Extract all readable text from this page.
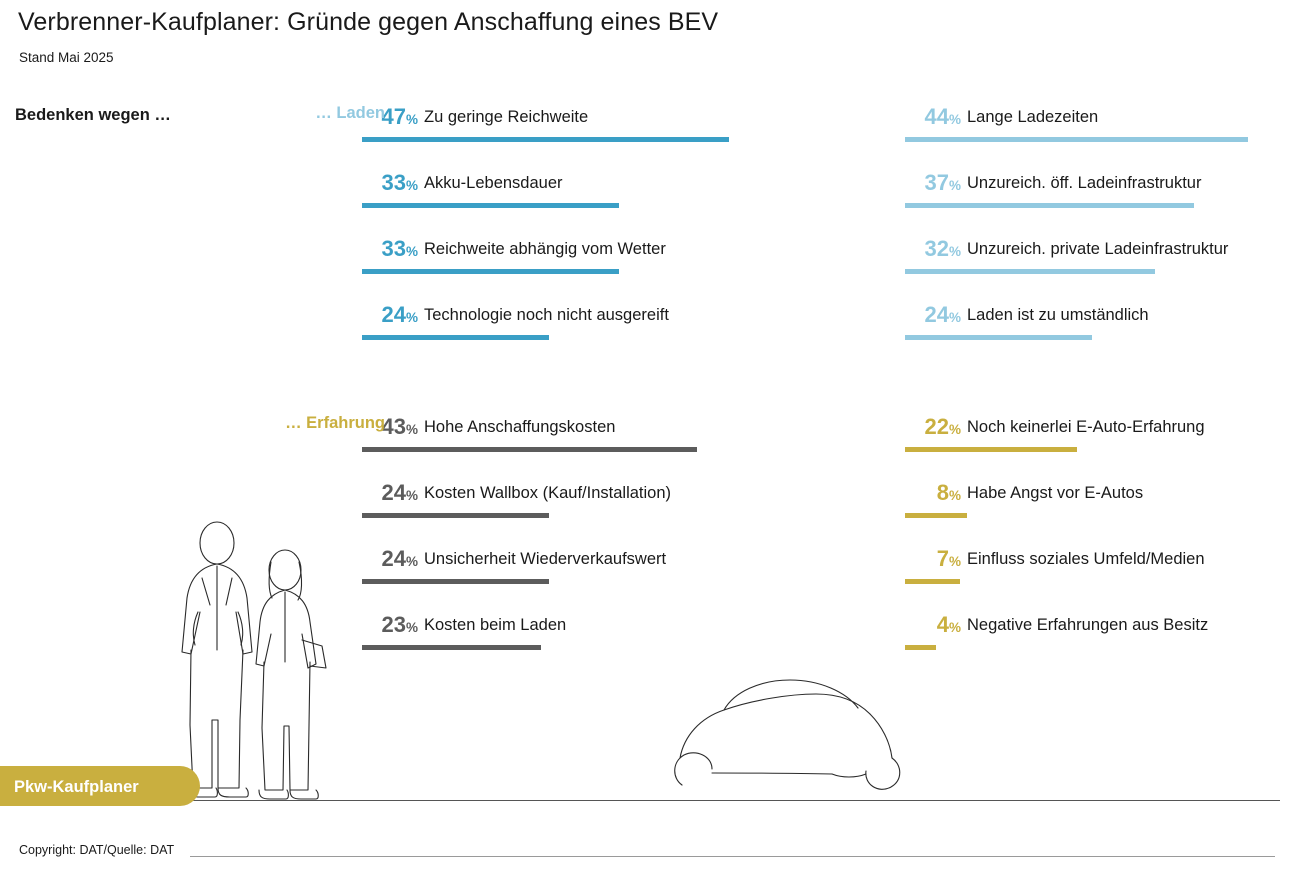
Verbrenner-Kaufplaner: Gründe gegen Anschaffung eines BEV
Stand Mai 2025
Bedenken wegen …	47% Zu geringe Reichweite
33% Akku-Lebensdauer
33% Reichweite abhängig vom Wetter
24% Technologie noch nicht ausgereift
… Laden	44% Lange Ladezeiten
37% Unzureich. öff. Ladeinfrastruktur
32% Unzureich. private Ladeinfrastruktur
24% Laden ist zu umständlich
43% Hohe Anschaffungskosten
24% Kosten Wallbox (Kauf/Installation)
24% Unsicherheit Wiederverkaufswert
23% Kosten beim Laden
… Erfahrung	22% Noch keinerlei E-Auto-Erfahrung
8% Habe Angst vor E-Autos
7% Einfluss soziales Umfeld/Medien
4% Negative Erfahrungen aus Besitz
Pkw-Kaufplaner
Copyright: DAT/Quelle: DAT
